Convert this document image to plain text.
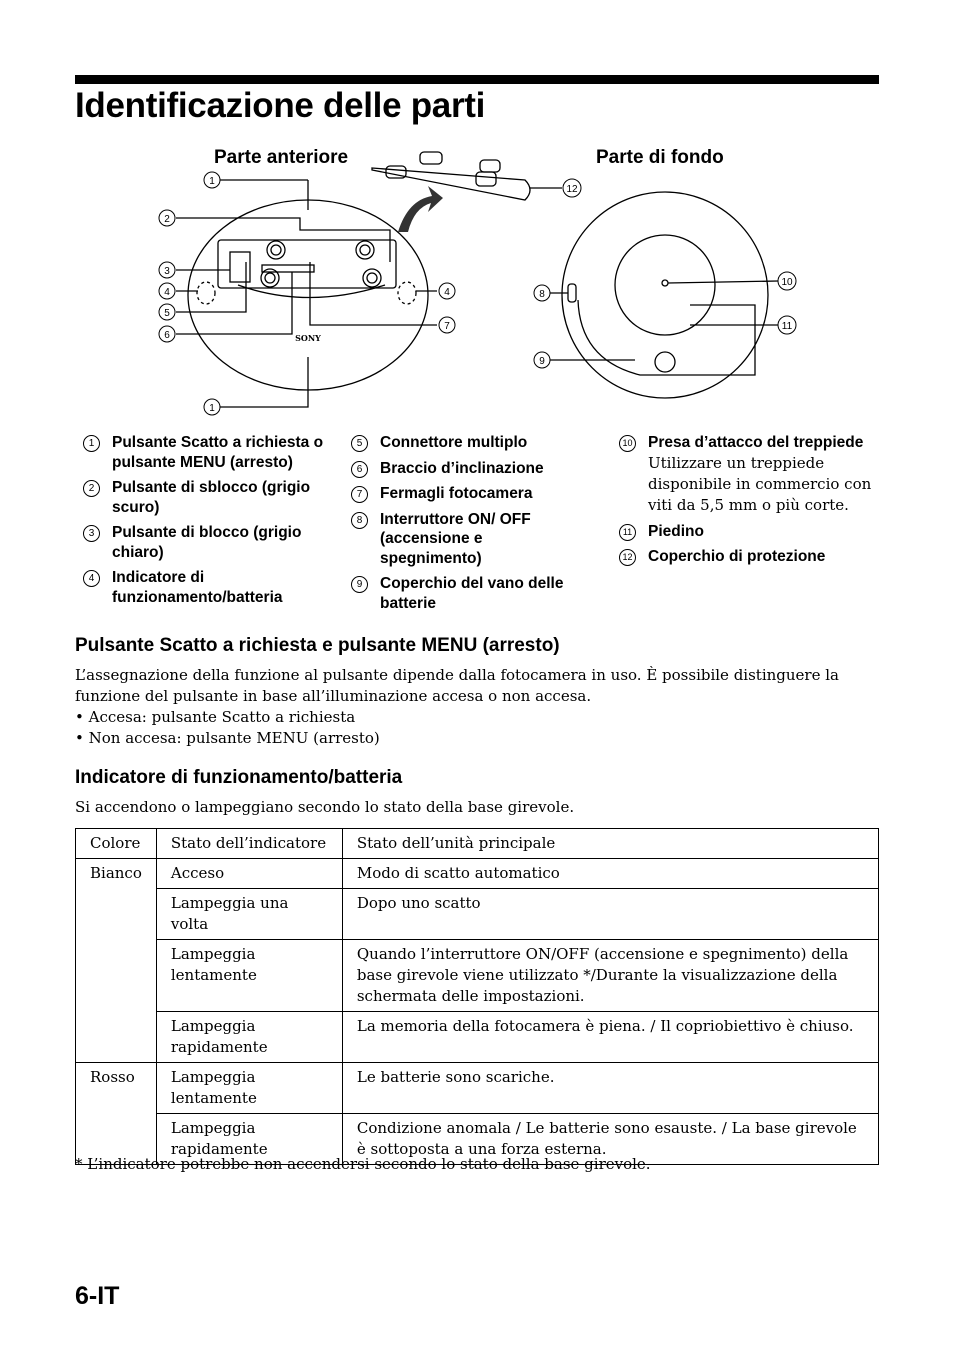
Identificazione delle parti
Parte anteriore	Parte di fondo
SONY
1
2
3
4
5
6
4
7
1
12
8
9
10
11
1	Pulsante Scatto a richiesta o pulsante MENU (arresto)
2	Pulsante di sblocco (grigio scuro)
3	Pulsante di blocco (grigio chiaro)
4	Indicatore di funzionamento/batteria
5	Connettore multiplo
6	Braccio d’inclinazione
7	Fermagli fotocamera
8	Interruttore ON/ OFF (accensione e spegnimento)
9	Coperchio del vano delle batterie
10 Presa d’attacco del treppiede
Utilizzare un treppiede disponibile in commercio con viti da 5,5 mm o più corte.
11 Piedino
12 Coperchio di protezione
Pulsante Scatto a richiesta e pulsante MENU (arresto)

L’assegnazione della funzione al pulsante dipende dalla fotocamera in uso. È possibile distinguere la funzione del pulsante in base all’illuminazione accesa o non accesa.

• Accesa: pulsante Scatto a richiesta

• Non accesa: pulsante MENU (arresto)

Indicatore di funzionamento/batteria

Si accendono o lampeggiano secondo lo stato della base girevole.

Colore	Stato dell’indicatore	Stato dell’unità principale
Bianco	Acceso	Modo di scatto automatico
	Lampeggia una volta	Dopo uno scatto
	Lampeggia lentamente	Quando l’interruttore ON/OFF (accensione e spegnimento) della base girevole viene utilizzato */Durante la visualizzazione della schermata delle impostazioni.
	Lampeggia rapidamente	La memoria della fotocamera è piena. / Il copriobiettivo è chiuso.
Rosso	Lampeggia lentamente	Le batterie sono scariche.
	Lampeggia rapidamente	Condizione anomala / Le batterie sono esauste. / La base girevole è sottoposta a una forza esterna.
* L’indicatore potrebbe non accendersi secondo lo stato della base girevole.
6-IT
